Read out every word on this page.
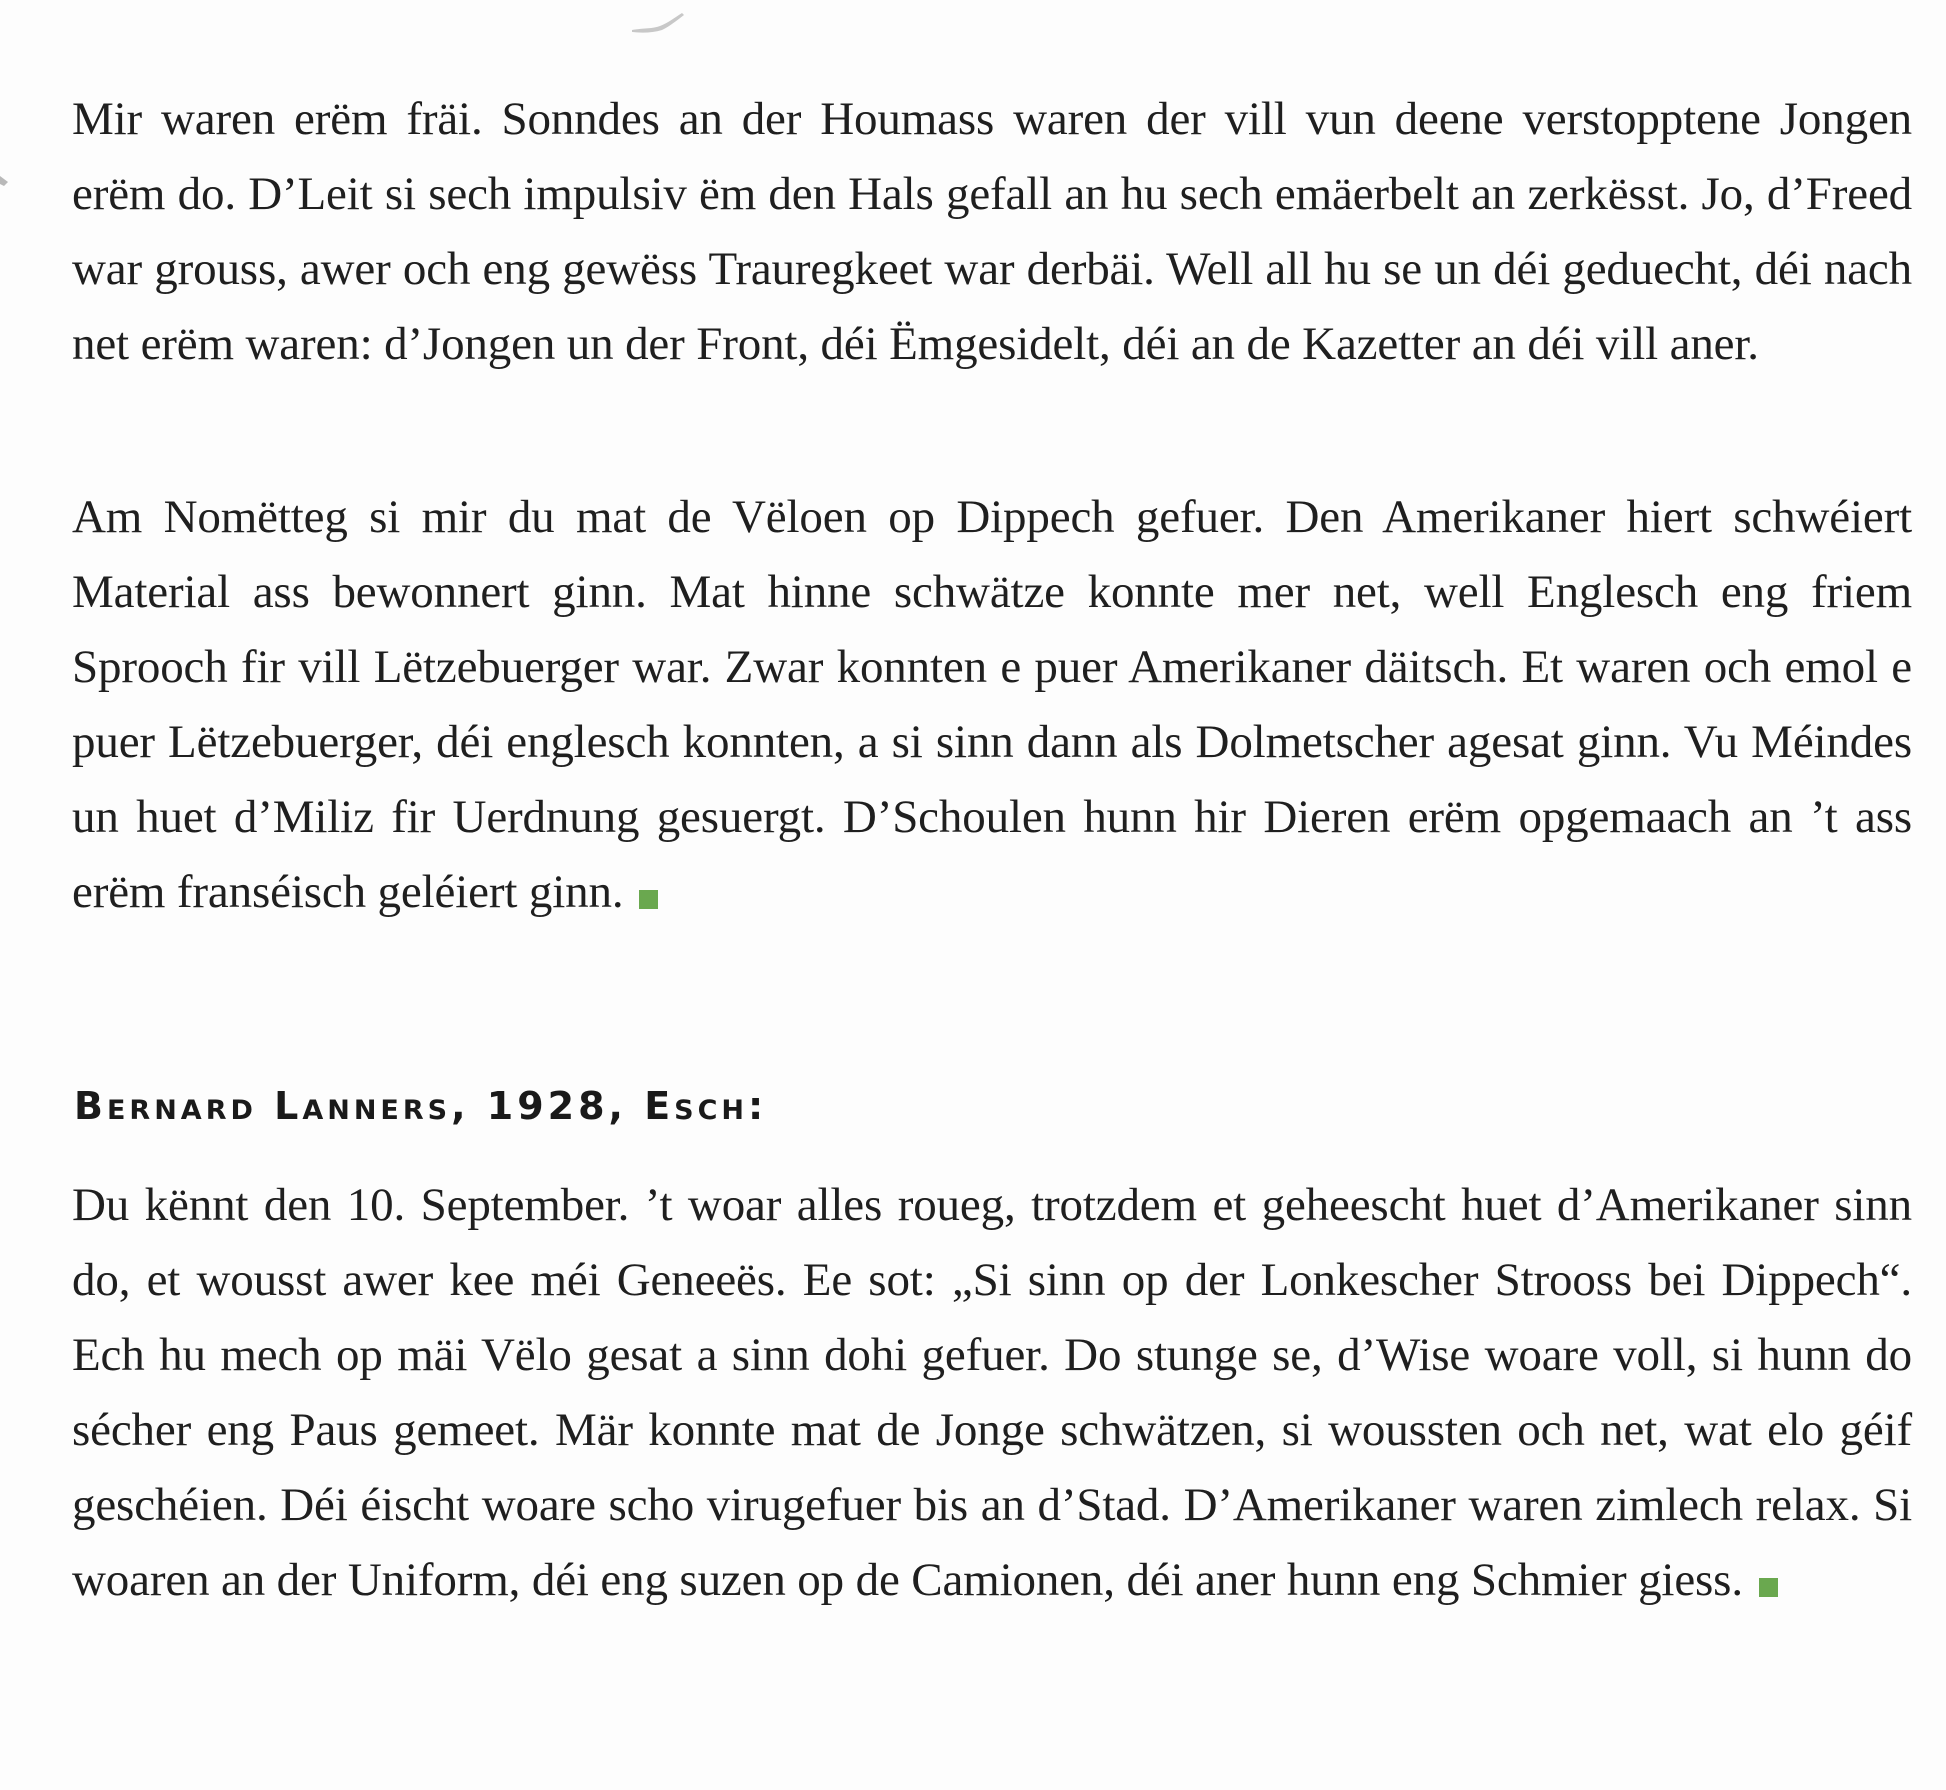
Mir waren erëm fräi. Sonndes an der Houmass waren der vill vun deene verstopptene Jongen erëm do. D’Leit si sech impulsiv ëm den Hals gefall an hu sech emäerbelt an zerkësst. Jo, d’Freed war grouss, awer och eng gewëss Trauregkeet war derbäi. Well all hu se un déi geduecht, déi nach net erëm waren: d’Jongen un der Front, déi Ëmgesidelt, déi an de Kazetter an déi vill aner.

Am Nomëtteg si mir du mat de Vëloen op Dippech gefuer. Den Amerikaner hiert schwéiert Material ass bewonnert ginn. Mat hinne schwätze konnte mer net, well Englesch eng friem Sprooch fir vill Lëtzebuerger war. Zwar konnten e puer Amerikaner däitsch. Et waren och emol e puer Lëtzebuerger, déi englesch konnten, a si sinn dann als Dolmetscher agesat ginn. Vu Méindes un huet d’Miliz fir Uerdnung gesuergt. D’Schoulen hunn hir Dieren erëm opgemaach an ’t ass erëm franséisch geléiert ginn.

Bernard Lanners, 1928, Esch:

Du kënnt den 10. September. ’t woar alles roueg, trotzdem et geheescht huet d’Amerikaner sinn do, et wousst awer kee méi Geneeës. Ee sot: „Si sinn op der Lonkescher Strooss bei Dippech“. Ech hu mech op mäi Vëlo gesat a sinn dohi gefuer. Do stunge se, d’Wise woare voll, si hunn do sécher eng Paus gemeet. Mär konnte mat de Jonge schwätzen, si woussten och net, wat elo géif geschéien. Déi éischt woare scho virugefuer bis an d’Stad. D’Amerikaner waren zimlech relax. Si woaren an der Uniform, déi eng suzen op de Camionen, déi aner hunn eng Schmier giess.
